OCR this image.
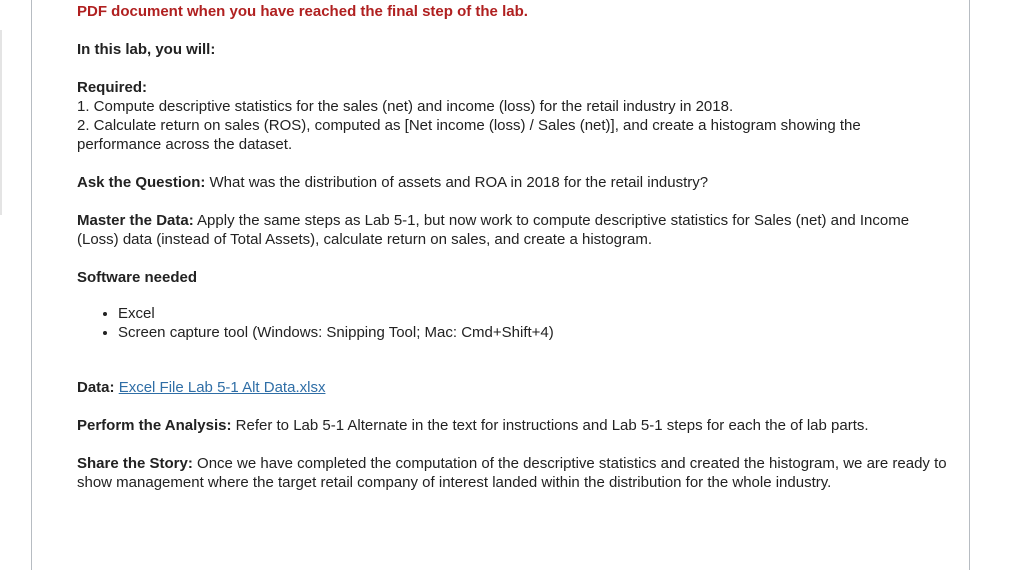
PDF document when you have reached the final step of the lab.

In this lab, you will:

Required:
1. Compute descriptive statistics for the sales (net) and income (loss) for the retail industry in 2018.
2. Calculate return on sales (ROS), computed as [Net income (loss) / Sales (net)], and create a histogram showing the performance across the dataset.

Ask the Question: What was the distribution of assets and ROA in 2018 for the retail industry?

Master the Data: Apply the same steps as Lab 5-1, but now work to compute descriptive statistics for Sales (net) and Income (Loss) data (instead of Total Assets), calculate return on sales, and create a histogram.

Software needed

• Excel
• Screen capture tool (Windows: Snipping Tool; Mac: Cmd+Shift+4)

Data: Excel File Lab 5-1 Alt Data.xlsx

Perform the Analysis: Refer to Lab 5-1 Alternate in the text for instructions and Lab 5-1 steps for each the of lab parts.

Share the Story: Once we have completed the computation of the descriptive statistics and created the histogram, we are ready to show management where the target retail company of interest landed within the distribution for the whole industry.
